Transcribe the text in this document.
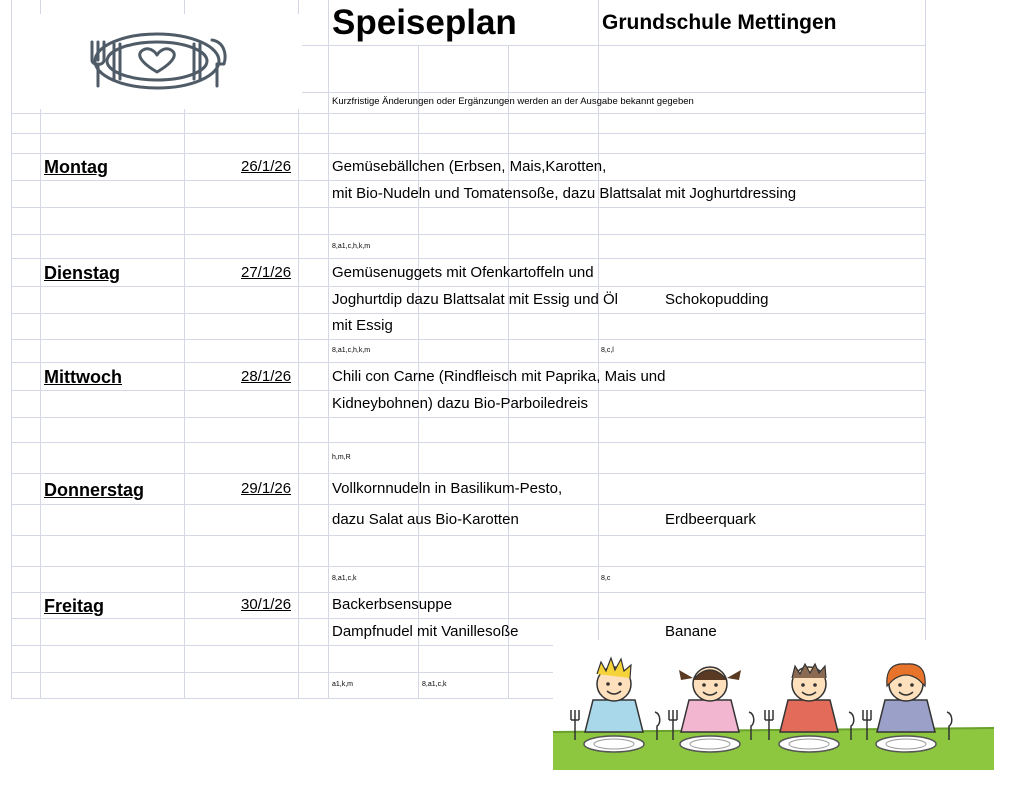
Speiseplan	Grundschule Mettingen
Kurzfristige Änderungen oder Ergänzungen werden an der Ausgabe bekannt gegeben
Montag	26/1/26	Gemüsebällchen (Erbsen, Mais,Karotten,
mit Bio-Nudeln und Tomatensoße, dazu Blattsalat mit Joghurtdressing
8,a1,c,h,k,m
Dienstag	27/1/26	Gemüsenuggets mit Ofenkartoffeln und
Joghurtdip dazu Blattsalat mit Essig und Öl	Schokopudding
mit Essig
8,a1,c,h,k,m	8,c,l
Mittwoch	28/1/26	Chili con Carne (Rindfleisch mit Paprika, Mais und
Kidneybohnen) dazu Bio-Parboiledreis
h,m,R
Donnerstag	29/1/26	Vollkornnudeln in Basilikum-Pesto,
dazu Salat aus Bio-Karotten	Erdbeerquark
8,a1,c,k	8,c
Freitag	30/1/26	Backerbsensuppe
Dampfnudel mit Vanillesoße	Banane
a1,k,m	8,a1,c,k
